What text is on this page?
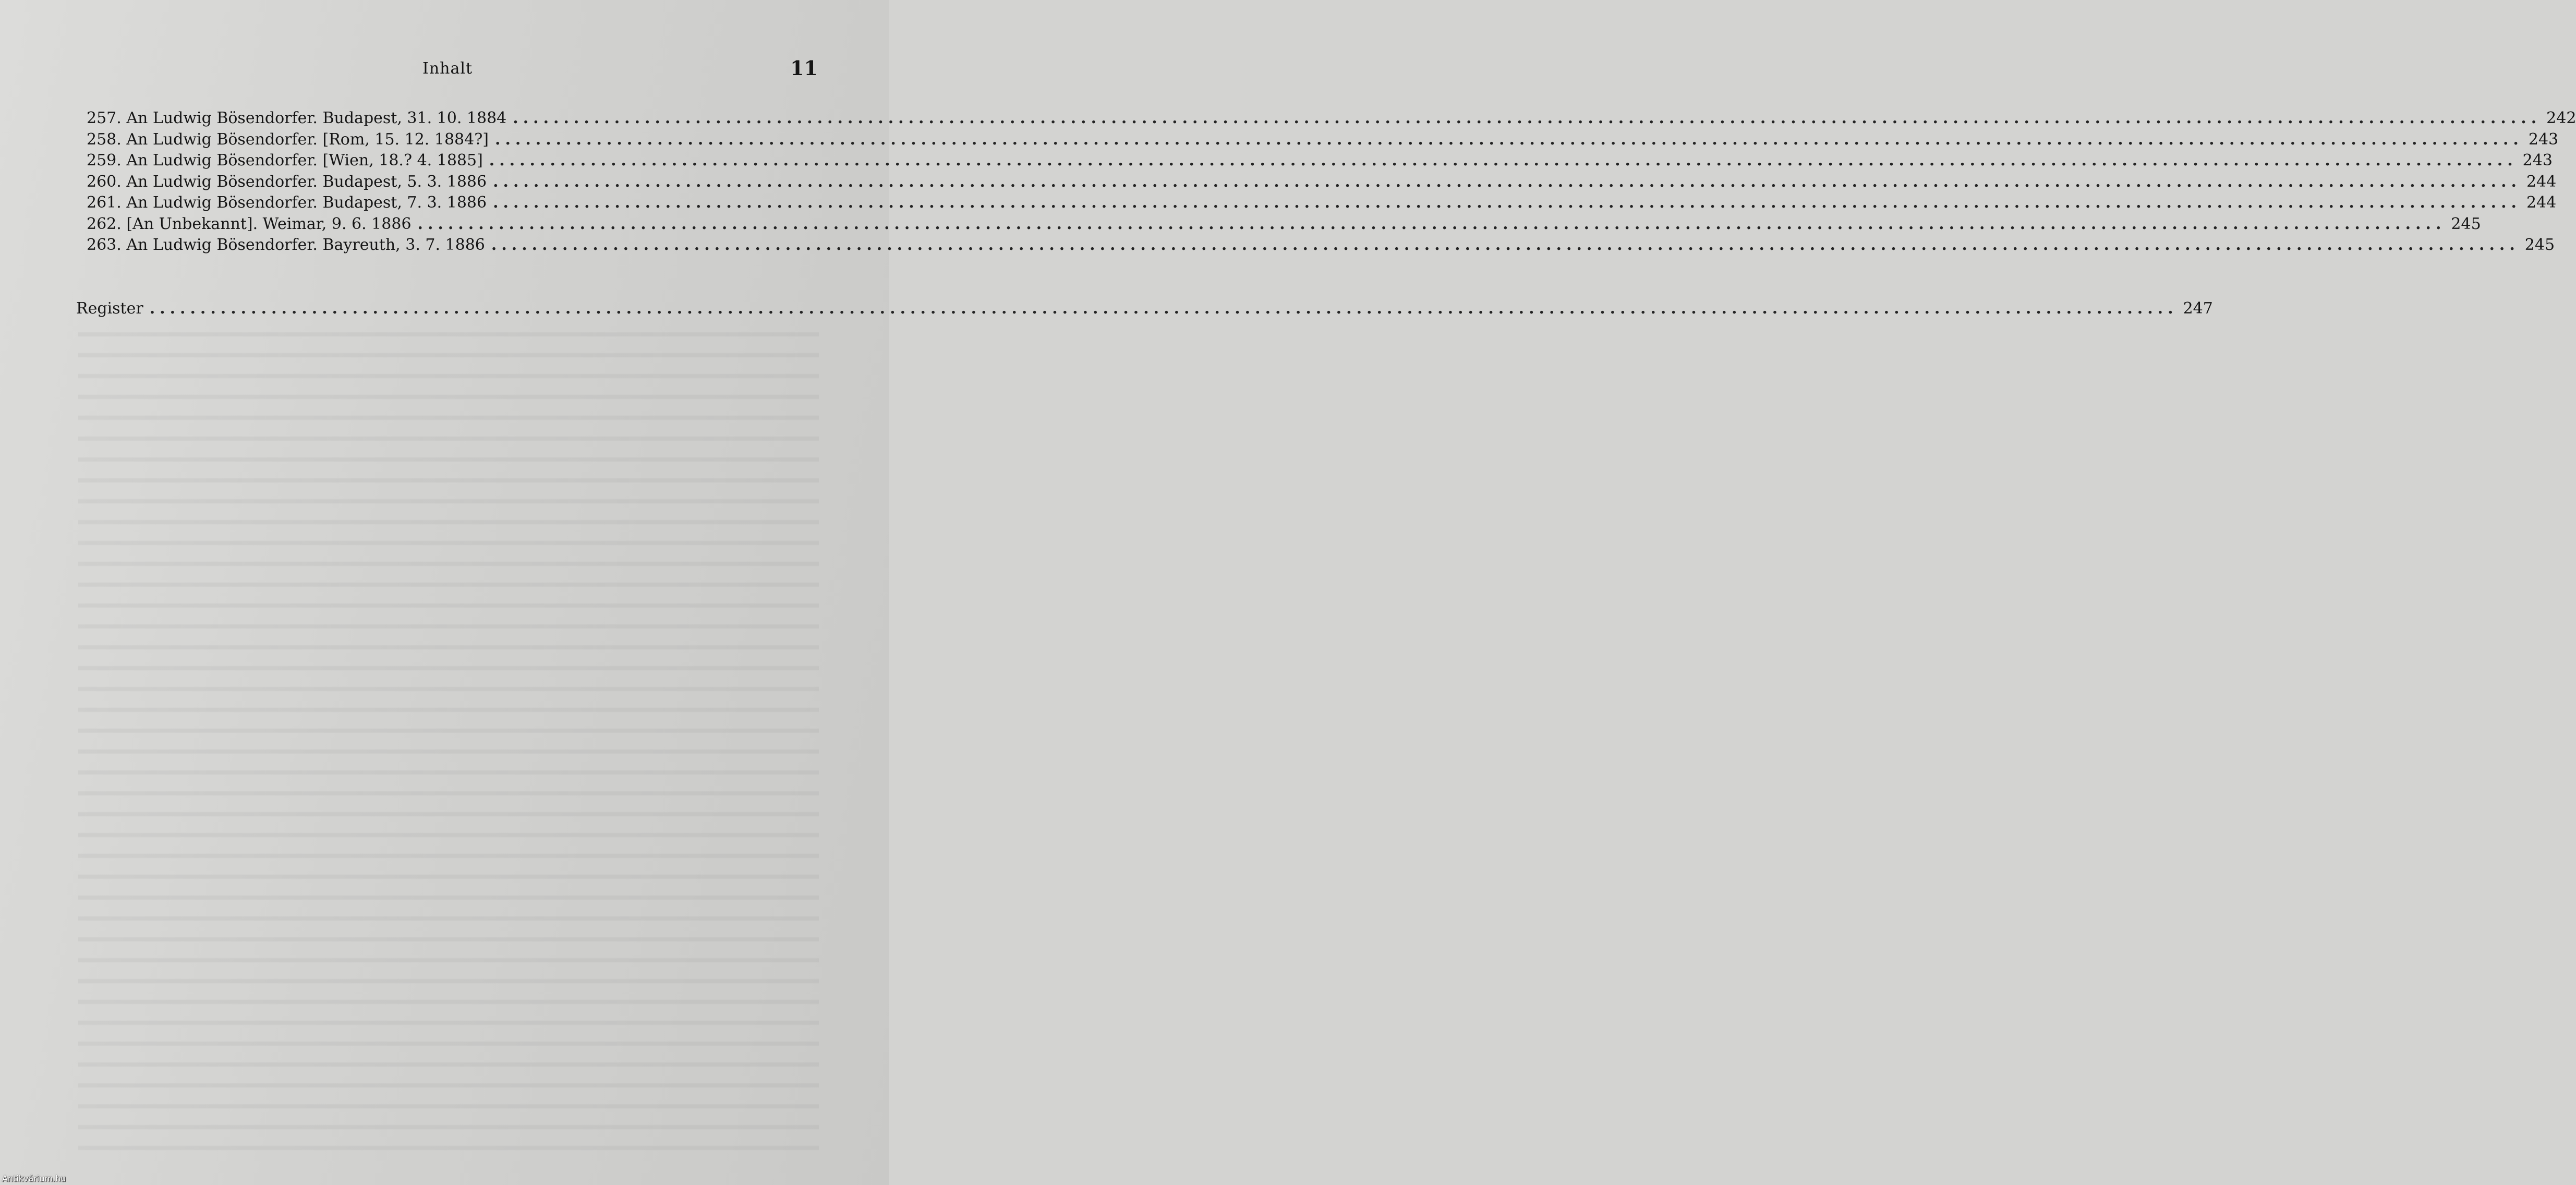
Inhalt	11
257. An Ludwig Bösendorfer. Budapest, 31. 10. 1884 ........................................................................................................................................................................................................ 242
258. An Ludwig Bösendorfer. [Rom, 15. 12. 1884?] ........................................................................................................................................................................................................ 243
259. An Ludwig Bösendorfer. [Wien, 18.? 4. 1885] ........................................................................................................................................................................................................ 243
260. An Ludwig Bösendorfer. Budapest, 5. 3. 1886 ........................................................................................................................................................................................................ 244
261. An Ludwig Bösendorfer. Budapest, 7. 3. 1886 ........................................................................................................................................................................................................ 244
262. [An Unbekannt]. Weimar, 9. 6. 1886 ........................................................................................................................................................................................................ 245
263. An Ludwig Bösendorfer. Bayreuth, 3. 7. 1886 ........................................................................................................................................................................................................ 245
Register ........................................................................................................................................................................................................ 247
Antikvárium.hu
